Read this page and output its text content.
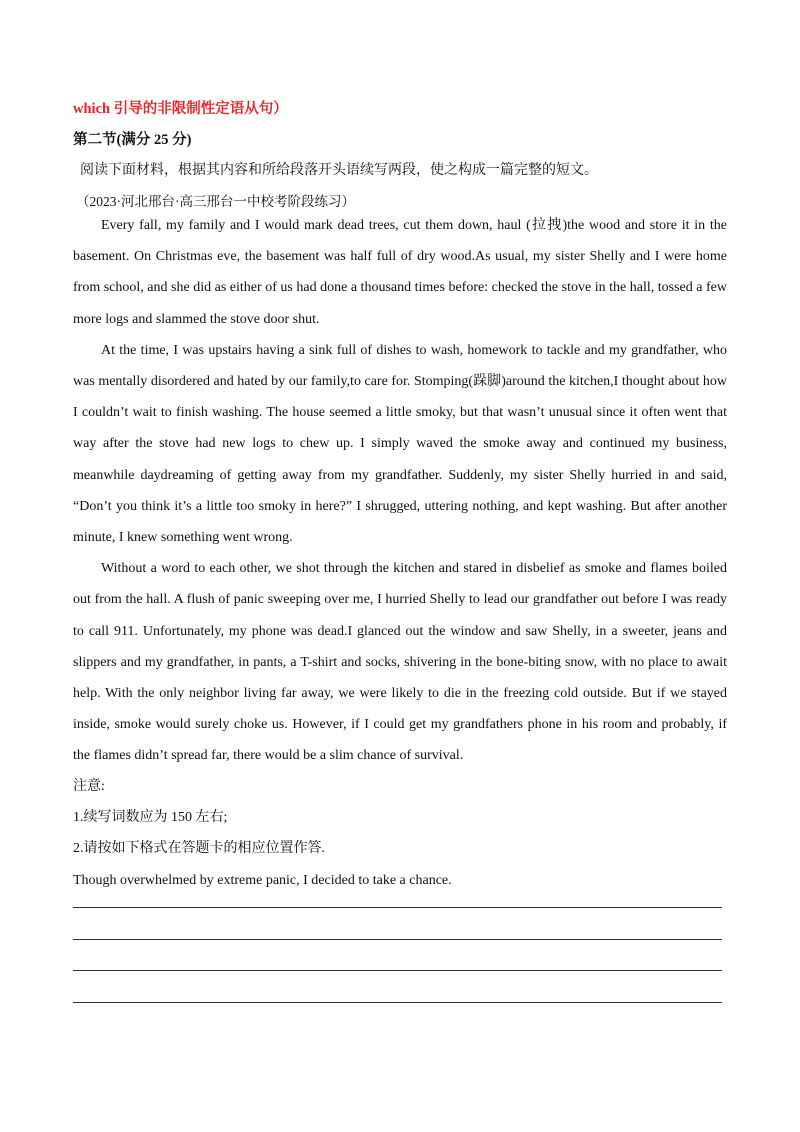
which 引导的非限制性定语从句）
第二节(满分 25 分)
阅读下面材料，根据其内容和所给段落开头语续写两段，使之构成一篇完整的短文。
（2023·河北邢台·高三邢台一中校考阶段练习）

Every fall, my family and I would mark dead trees, cut them down, haul (拉拽)the wood and store it in the basement. On Christmas eve, the basement was half full of dry wood.As usual, my sister Shelly and I were home from school, and she did as either of us had done a thousand times before: checked the stove in the hall, tossed a few more logs and slammed the stove door shut.

At the time, I was upstairs having a sink full of dishes to wash, homework to tackle and my grandfather, who was mentally disordered and hated by our family,to care for. Stomping(跺脚)around the kitchen,I thought about how I couldn’t wait to finish washing. The house seemed a little smoky, but that wasn’t unusual since it often went that way after the stove had new logs to chew up. I simply waved the smoke away and continued my business, meanwhile daydreaming of getting away from my grandfather. Suddenly, my sister Shelly hurried in and said, “Don’t you think it’s a little too smoky in here?” I shrugged, uttering nothing, and kept washing. But after another minute, I knew something went wrong.

Without a word to each other, we shot through the kitchen and stared in disbelief as smoke and flames boiled out from the hall. A flush of panic sweeping over me, I hurried Shelly to lead our grandfather out before I was ready to call 911. Unfortunately, my phone was dead.I glanced out the window and saw Shelly, in a sweeter, jeans and slippers and my grandfather, in pants, a T-shirt and socks, shivering in the bone-biting snow, with no place to await help. With the only neighbor living far away, we were likely to die in the freezing cold outside. But if we stayed inside, smoke would surely choke us. However, if I could get my grandfathers phone in his room and probably, if the flames didn’t spread far, there would be a slim chance of survival.

注意:
1.续写词数应为 150 左右;
2.请按如下格式在答题卡的相应位置作答.
Though overwhelmed by extreme panic, I decided to take a chance.
